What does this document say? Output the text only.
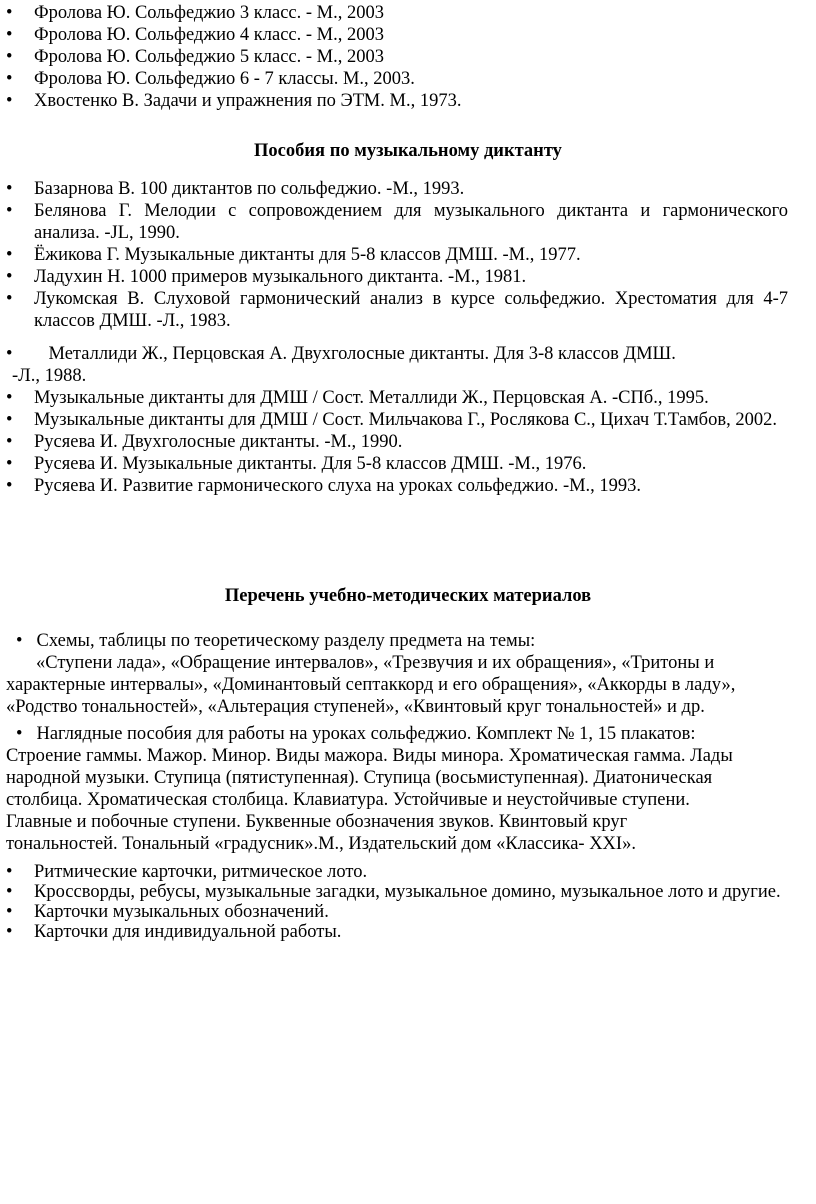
• Фролова Ю. Сольфеджио 3 класс. - М., 2003
• Фролова Ю. Сольфеджио 4 класс. - М., 2003
• Фролова Ю. Сольфеджио 5 класс. - М., 2003
• Фролова Ю. Сольфеджио 6 - 7 классы. М., 2003.
• Хвостенко В. Задачи и упражнения по ЭТМ. М., 1973.
Пособия по музыкальному диктанту
• Базарнова В. 100 диктантов по сольфеджио. -М., 1993.
• Белянова Г. Мелодии с сопровождением для музыкального диктанта и гармонического анализа. -JL, 1990.
• Ёжикова Г. Музыкальные диктанты для 5-8 классов ДМШ. -М., 1977.
• Ладухин Н. 1000 примеров музыкального диктанта. -М., 1981.
• Лукомская В. Слуховой гармонический анализ в курсе сольфеджио. Хрестоматия для 4-7 классов ДМШ. -Л., 1983.
• Металлиди Ж., Перцовская А. Двухголосные диктанты. Для 3-8 классов ДМШ.
-Л., 1988.
• Музыкальные диктанты для ДМШ / Сост. Металлиди Ж., Перцовская А. -СПб., 1995.
• Музыкальные диктанты для ДМШ / Сост. Мильчакова Г., Рослякова С., Цихач Т.Тамбов, 2002.
• Русяева И. Двухголосные диктанты. -М., 1990.
• Русяева И. Музыкальные диктанты. Для 5-8 классов ДМШ. -М., 1976.
• Русяева И. Развитие гармонического слуха на уроках сольфеджио. -М., 1993.
Перечень учебно-методических материалов
• Схемы, таблицы по теоретическому разделу предмета на темы:
«Ступени лада», «Обращение интервалов», «Трезвучия и их обращения», «Тритоны и
характерные интервалы», «Доминантовый септаккорд и его обращения», «Аккорды в ладу»,
«Родство тональностей», «Альтерация ступеней», «Квинтовый круг тональностей» и др.
• Наглядные пособия для работы на уроках сольфеджио. Комплект № 1, 15 плакатов:
Строение гаммы. Мажор. Минор. Виды мажора. Виды минора. Хроматическая гамма. Лады
народной музыки. Ступица (пятиступенная). Ступица (восьмиступенная). Диатоническая
столбица. Хроматическая столбица. Клавиатура. Устойчивые и неустойчивые ступени.
Главные и побочные ступени. Буквенные обозначения звуков. Квинтовый круг
тональностей. Тональный «градусник».М., Издательский дом «Классика- XXI».
• Ритмические карточки, ритмическое лото.
• Кроссворды, ребусы, музыкальные загадки, музыкальное домино, музыкальное лото и другие.
• Карточки музыкальных обозначений.
• Карточки для индивидуальной работы.
